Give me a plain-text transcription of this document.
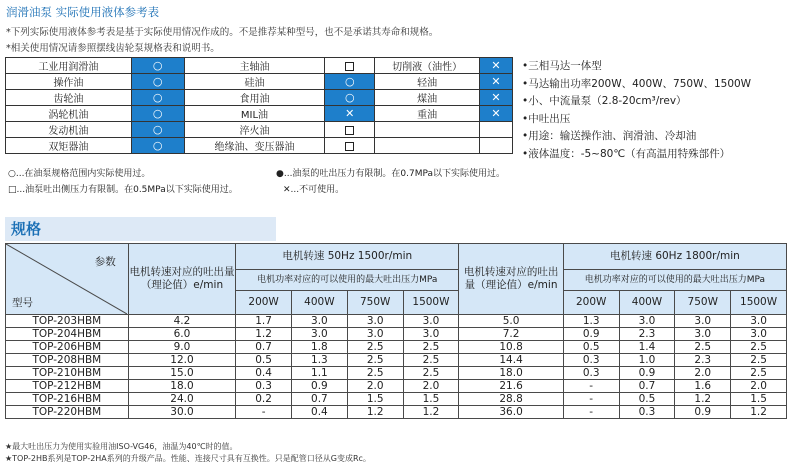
润滑油泵 实际使用液体参考表
*下列实际使用液体参考表是基于实际使用情况作成的。不是推荐某种型号，也不是承诺其寿命和规格。
*相关使用情况请参照摆线齿轮泵规格表和说明书。
工业用润滑油	○	主轴油		切削液（油性）	✕
操作油	○	硅油	○	轻油	✕
齿轮油	○	食用油	○	煤油	✕
涡轮机油	○	MIL油	✕	重油	✕
发动机油	○	淬火油			
双矩器油	○	绝缘油、变压器油			
•三相马达一体型
•马达输出功率200W、400W、750W、1500W
•小、中流量泵（2.8-20cm³/rev）
•中吐出压
•用途：输送操作油、润滑油、冷却油
•液体温度：-5~80℃（有高温用特殊部件）
○...在油泵规格范围内实际使用过。	●...油泵的吐出压力有限制。在0.7MPa以下实际使用过。
□...油泵吐出侧压力有限制。在0.5MPa以下实际使用过。	✕...不可使用。
规格
参数
型号	电机转速对应的吐出量（理论值）e/min	电机转速 50Hz 1500r/min				电机转速对应的吐出量（理论值）e/min	电机转速 60Hz 1800r/min			
		电机功率对应的可以使用的最大吐出压力MPa					电机功率对应的可以使用的最大吐出压力MPa			
		200W	400W	750W	1500W		200W	400W	750W	1500W
TOP-203HBM	4.2	1.7	3.0	3.0	3.0	5.0	1.3	3.0	3.0	3.0
TOP-204HBM	6.0	1.2	3.0	3.0	3.0	7.2	0.9	2.3	3.0	3.0
TOP-206HBM	9.0	0.7	1.8	2.5	2.5	10.8	0.5	1.4	2.5	2.5
TOP-208HBM	12.0	0.5	1.3	2.5	2.5	14.4	0.3	1.0	2.3	2.5
TOP-210HBM	15.0	0.4	1.1	2.5	2.5	18.0	0.3	0.9	2.0	2.5
TOP-212HBM	18.0	0.3	0.9	2.0	2.0	21.6	-	0.7	1.6	2.0
TOP-216HBM	24.0	0.2	0.7	1.5	1.5	28.8	-	0.5	1.2	1.5
TOP-220HBM	30.0	-	0.4	1.2	1.2	36.0	-	0.3	0.9	1.2
★最大吐出压力为使用实验用油ISO-VG46，油温为40℃时的值。
★TOP-2HB系列是TOP-2HA系列的升级产品。性能、连接尺寸具有互换性。只是配管口径从G变成Rc。
